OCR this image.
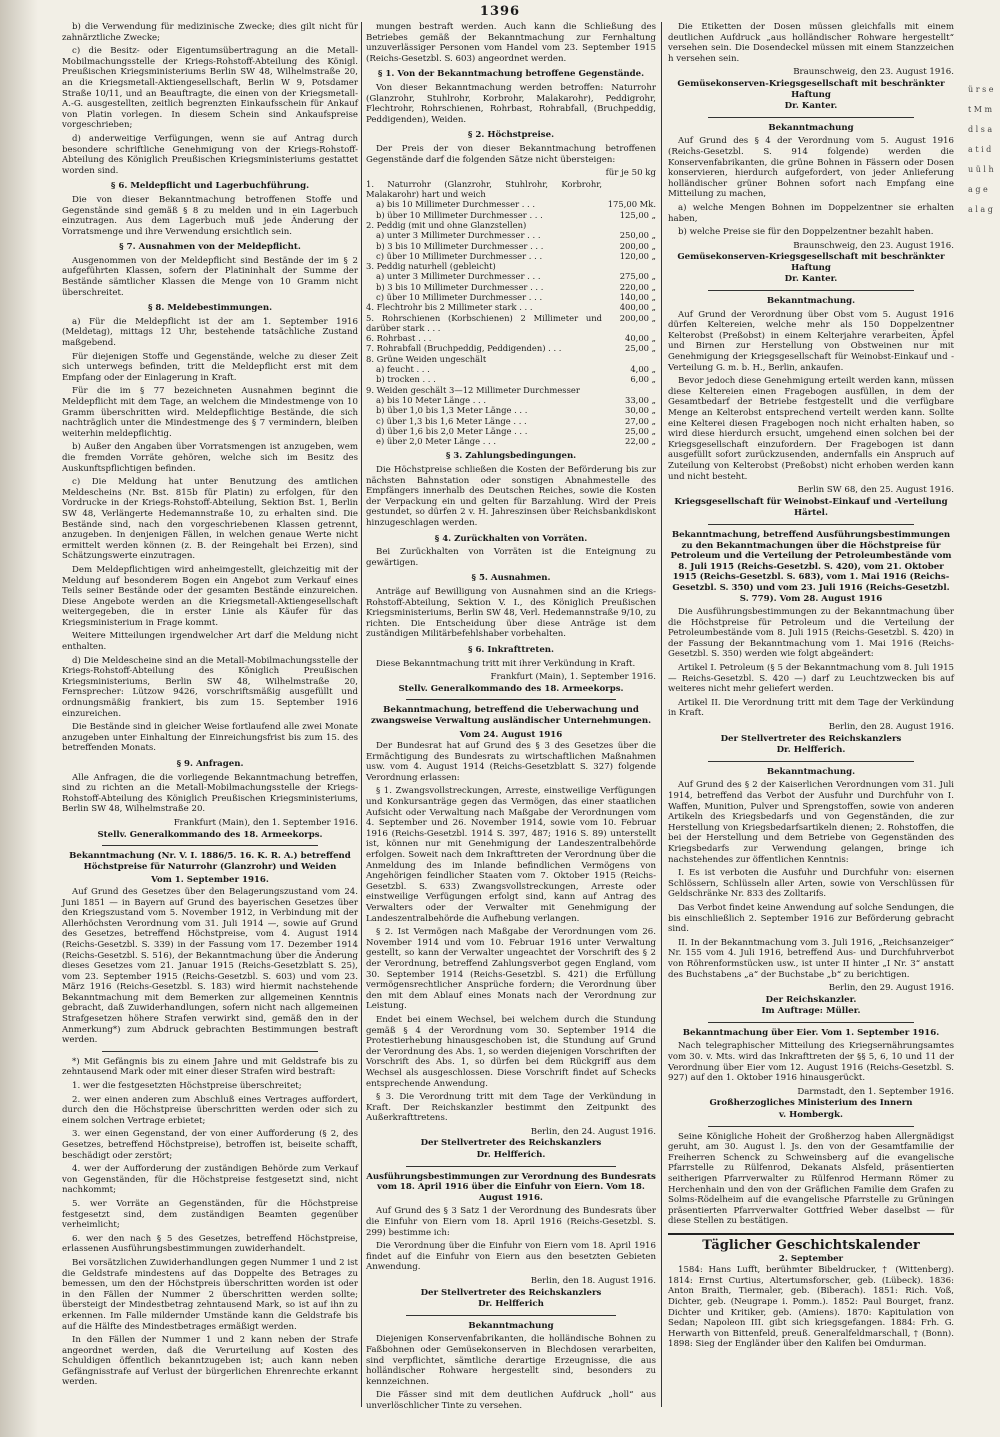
1396

b) die Verwendung für medizinische Zwecke; dies gilt nicht für zahnärztliche Zwecke;

c) die Besitz- oder Eigentumsübertragung an die Metall-Mobilmachungsstelle der Kriegs-Rohstoff-Abteilung des Königl. Preußischen Kriegsministeriums Berlin SW 48, Wilhelmstraße 20, an die Kriegsmetall-Aktiengesellschaft, Berlin W 9, Potsdamer Straße 10/11, und an Beauftragte, die einen von der Kriegsmetall-A.-G. ausgestellten, zeitlich begrenzten Einkaufsschein für Ankauf von Platin vorlegen. In diesem Schein sind Ankaufspreise vorgeschrieben;

d) anderweitige Verfügungen, wenn sie auf Antrag durch besondere schriftliche Genehmigung von der Kriegs-Rohstoff-Abteilung des Königlich Preußischen Kriegsministeriums gestattet worden sind.

§ 6. Meldepflicht und Lagerbuchführung.

Die von dieser Bekanntmachung betroffenen Stoffe und Gegenstände sind gemäß § 8 zu melden und in ein Lagerbuch einzutragen. Aus dem Lagerbuch muß jede Änderung der Vorratsmenge und ihre Verwendung ersichtlich sein.

§ 7. Ausnahmen von der Meldepflicht.

Ausgenommen von der Meldepflicht sind Bestände der im § 2 aufgeführten Klassen, sofern der Platininhalt der Summe der Bestände sämtlicher Klassen die Menge von 10 Gramm nicht überschreitet.

§ 8. Meldebestimmungen.

a) Für die Meldepflicht ist der am 1. September 1916 (Meldetag), mittags 12 Uhr, bestehende tatsächliche Zustand maßgebend.

Für diejenigen Stoffe und Gegenstände, welche zu dieser Zeit sich unterwegs befinden, tritt die Meldepflicht erst mit dem Empfang oder der Einlagerung in Kraft.

Für die im § 77 bezeichneten Ausnahmen beginnt die Meldepflicht mit dem Tage, an welchem die Mindestmenge von 10 Gramm überschritten wird. Meldepflichtige Bestände, die sich nachträglich unter die Mindestmenge des § 7 vermindern, bleiben weiterhin meldepflichtig.

b) Außer den Angaben über Vorratsmengen ist anzugeben, wem die fremden Vorräte gehören, welche sich im Besitz des Auskunftspflichtigen befinden.

c) Die Meldung hat unter Benutzung des amtlichen Meldescheins (Nr. Bst. 815b für Platin) zu erfolgen, für den Vordrucke in der Kriegs-Rohstoff-Abteilung, Sektion Bst. 1, Berlin SW 48, Verlängerte Hedemannstraße 10, zu erhalten sind. Die Bestände sind, nach den vorgeschriebenen Klassen getrennt, anzugeben. In denjenigen Fällen, in welchen genaue Werte nicht ermittelt werden können (z. B. der Reingehalt bei Erzen), sind Schätzungswerte einzutragen.

Dem Meldepflichtigen wird anheimgestellt, gleichzeitig mit der Meldung auf besonderem Bogen ein Angebot zum Verkauf eines Teils seiner Bestände oder der gesamten Bestände einzureichen. Diese Angebote werden an die Kriegsmetall-Aktiengesellschaft weitergegeben, die in erster Linie als Käufer für das Kriegsministerium in Frage kommt.

Weitere Mitteilungen irgendwelcher Art darf die Meldung nicht enthalten.

d) Die Meldescheine sind an die Metall-Mobilmachungsstelle der Kriegs-Rohstoff-Abteilung des Königlich Preußischen Kriegsministeriums, Berlin SW 48, Wilhelmstraße 20, Fernsprecher: Lützow 9426, vorschriftsmäßig ausgefüllt und ordnungsmäßig frankiert, bis zum 15. September 1916 einzureichen.

Die Bestände sind in gleicher Weise fortlaufend alle zwei Monate anzugeben unter Einhaltung der Einreichungsfrist bis zum 15. des betreffenden Monats.

§ 9. Anfragen.

Alle Anfragen, die die vorliegende Bekanntmachung betreffen, sind zu richten an die Metall-Mobilmachungsstelle der Kriegs-Rohstoff-Abteilung des Königlich Preußischen Kriegsministeriums, Berlin SW 48, Wilhelmstraße 20.

Frankfurt (Main), den 1. September 1916.
Stellv. Generalkommando des 18. Armeekorps.
Bekanntmachung (Nr. V. I. 1886/5. 16. K. R. A.) betreffend Höchstpreise für Naturrohr (Glanzrohr) und Weiden
Vom 1. September 1916.

Auf Grund des Gesetzes über den Belagerungszustand vom 24. Juni 1851 — in Bayern auf Grund des bayerischen Gesetzes über den Kriegszustand vom 5. November 1912, in Verbindung mit der Allerhöchsten Verordnung vom 31. Juli 1914 —, sowie auf Grund des Gesetzes, betreffend Höchstpreise, vom 4. August 1914 (Reichs-Gesetzbl. S. 339) in der Fassung vom 17. Dezember 1914 (Reichs-Gesetzbl. S. 516), der Bekanntmachung über die Änderung dieses Gesetzes vom 21. Januar 1915 (Reichs-Gesetzblatt S. 25), vom 23. September 1915 (Reichs-Gesetzbl. S. 603) und vom 23. März 1916 (Reichs-Gesetzbl. S. 183) wird hiermit nachstehende Bekanntmachung mit dem Bemerken zur allgemeinen Kenntnis gebracht, daß Zuwiderhandlungen, sofern nicht nach allgemeinen Strafgesetzen höhere Strafen verwirkt sind, gemäß den in der Anmerkung*) zum Abdruck gebrachten Bestimmungen bestraft werden.

*) Mit Gefängnis bis zu einem Jahre und mit Geldstrafe bis zu zehntausend Mark oder mit einer dieser Strafen wird bestraft:

1. wer die festgesetzten Höchstpreise überschreitet;

2. wer einen anderen zum Abschluß eines Vertrages auffordert, durch den die Höchstpreise überschritten werden oder sich zu einem solchen Vertrage erbietet;

3. wer einen Gegenstand, der von einer Aufforderung (§ 2, des Gesetzes, betreffend Höchstpreise), betroffen ist, beiseite schafft, beschädigt oder zerstört;

4. wer der Aufforderung der zuständigen Behörde zum Verkauf von Gegenständen, für die Höchstpreise festgesetzt sind, nicht nachkommt;

5. wer Vorräte an Gegenständen, für die Höchstpreise festgesetzt sind, dem zuständigen Beamten gegenüber verheimlicht;

6. wer den nach § 5 des Gesetzes, betreffend Höchstpreise, erlassenen Ausführungsbestimmungen zuwiderhandelt.

Bei vorsätzlichen Zuwiderhandlungen gegen Nummer 1 und 2 ist die Geldstrafe mindestens auf das Doppelte des Betrages zu bemessen, um den der Höchstpreis überschritten worden ist oder in den Fällen der Nummer 2 überschritten werden sollte; übersteigt der Mindestbetrag zehntausend Mark, so ist auf ihn zu erkennen. Im Falle mildernder Umstände kann die Geldstrafe bis auf die Hälfte des Mindestbetrages ermäßigt werden.

In den Fällen der Nummer 1 und 2 kann neben der Strafe angeordnet werden, daß die Verurteilung auf Kosten des Schuldigen öffentlich bekanntzugeben ist; auch kann neben Gefängnisstrafe auf Verlust der bürgerlichen Ehrenrechte erkannt werden.

mungen bestraft werden. Auch kann die Schließung des Betriebes gemäß der Bekanntmachung zur Fernhaltung unzuverlässiger Personen vom Handel vom 23. September 1915 (Reichs-Gesetzbl. S. 603) angeordnet werden.

§ 1. Von der Bekanntmachung betroffene Gegenstände.

Von dieser Bekanntmachung werden betroffen: Naturrohr (Glanzrohr, Stuhlrohr, Korbrohr, Malakarohr), Peddigrohr, Flechtrohr, Rohrschienen, Rohrbast, Rohrabfall, (Bruchpeddig, Peddigenden), Weiden.

§ 2. Höchstpreise.

Der Preis der von dieser Bekanntmachung betroffenen Gegenstände darf die folgenden Sätze nicht übersteigen:

für je 50 kg
1. Naturrohr (Glanzrohr, Stuhlrohr, Korbrohr, Malakarohr) hart und weich	
a) bis 10 Millimeter Durchmesser . . .	175,00 Mk.
b) über 10 Millimeter Durchmesser . . .	125,00 „
2. Peddig (mit und ohne Glanzstellen)	
a) unter 3 Millimeter Durchmesser . . .	250,00 „
b) 3 bis 10 Millimeter Durchmesser . . .	200,00 „
c) über 10 Millimeter Durchmesser . . .	120,00 „
3. Peddig naturhell (gebleicht)	
a) unter 3 Millimeter Durchmesser . . .	275,00 „
b) 3 bis 10 Millimeter Durchmesser . . .	220,00 „
c) über 10 Millimeter Durchmesser . . .	140,00 „
4. Flechtrohr bis 2 Millimeter stark . . .	400,00 „
5. Rohrschienen (Korbschienen) 2 Millimeter und darüber stark . . .	200,00 „
6. Rohrbast . . .	40,00 „
7. Rohrabfall (Bruchpeddig, Peddigenden) . . .	25,00 „
8. Grüne Weiden ungeschält	
a) feucht . . .	4,00 „
b) trocken . . .	6,00 „
9. Weiden geschält 3—12 Millimeter Durchmesser	
a) bis 10 Meter Länge . . .	33,00 „
b) über 1,0 bis 1,3 Meter Länge . . .	30,00 „
c) über 1,3 bis 1,6 Meter Länge . . .	27,00 „
d) über 1,6 bis 2,0 Meter Länge . . .	25,00 „
e) über 2,0 Meter Länge . . .	22,00 „
§ 3. Zahlungsbedingungen.

Die Höchstpreise schließen die Kosten der Beförderung bis zur nächsten Bahnstation oder sonstigen Abnahmestelle des Empfängers innerhalb des Deutschen Reiches, sowie die Kosten der Verpackung ein und gelten für Barzahlung. Wird der Preis gestundet, so dürfen 2 v. H. Jahreszinsen über Reichsbankdiskont hinzugeschlagen werden.

§ 4. Zurückhalten von Vorräten.

Bei Zurückhalten von Vorräten ist die Enteignung zu gewärtigen.

§ 5. Ausnahmen.

Anträge auf Bewilligung von Ausnahmen sind an die Kriegs-Rohstoff-Abteilung, Sektion V. I., des Königlich Preußischen Kriegsministeriums, Berlin SW 48, Verl. Hedemannstraße 9/10, zu richten. Die Entscheidung über diese Anträge ist dem zuständigen Militärbefehlshaber vorbehalten.

§ 6. Inkrafttreten.

Diese Bekanntmachung tritt mit ihrer Verkündung in Kraft.

Frankfurt (Main), 1. September 1916.
Stellv. Generalkommando des 18. Armeekorps.
Bekanntmachung, betreffend die Ueberwachung und zwangsweise Verwaltung ausländischer Unternehmungen.
Vom 24. August 1916

Der Bundesrat hat auf Grund des § 3 des Gesetzes über die Ermächtigung des Bundesrats zu wirtschaftlichen Maßnahmen usw. vom 4. August 1914 (Reichs-Gesetzblatt S. 327) folgende Verordnung erlassen:

§ 1. Zwangsvollstreckungen, Arreste, einstweilige Verfügungen und Konkursanträge gegen das Vermögen, das einer staatlichen Aufsicht oder Verwaltung nach Maßgabe der Verordnungen vom 4. September und 26. November 1914, sowie vom 10. Februar 1916 (Reichs-Gesetzbl. 1914 S. 397, 487; 1916 S. 89) unterstellt ist, können nur mit Genehmigung der Landeszentralbehörde erfolgen. Soweit nach dem Inkrafttreten der Verordnung über die Anmeldung des im Inlande befindlichen Vermögens von Angehörigen feindlicher Staaten vom 7. Oktober 1915 (Reichs-Gesetzbl. S. 633) Zwangsvollstreckungen, Arreste oder einstweilige Verfügungen erfolgt sind, kann auf Antrag des Verwalters oder der Verwalter mit Genehmigung der Landeszentralbehörde die Aufhebung verlangen.

§ 2. Ist Vermögen nach Maßgabe der Verordnungen vom 26. November 1914 und vom 10. Februar 1916 unter Verwaltung gestellt, so kann der Verwalter ungeachtet der Vorschrift des § 2 der Verordnung, betreffend Zahlungsverbot gegen England, vom 30. September 1914 (Reichs-Gesetzbl. S. 421) die Erfüllung vermögensrechtlicher Ansprüche fordern; die Verordnung über den mit dem Ablauf eines Monats nach der Verordnung zur Leistung.

Endet bei einem Wechsel, bei welchem durch die Stundung gemäß § 4 der Verordnung vom 30. September 1914 die Protestierhebung hinausgeschoben ist, die Stundung auf Grund der Verordnung des Abs. 1, so werden diejenigen Vorschriften der Vorschrift des Abs. 1, so dürfen bei dem Rückgriff aus dem Wechsel als ausgeschlossen. Diese Vorschrift findet auf Schecks entsprechende Anwendung.

§ 3. Die Verordnung tritt mit dem Tage der Verkündung in Kraft. Der Reichskanzler bestimmt den Zeitpunkt des Außerkrafttretens.

Berlin, den 24. August 1916.
Der Stellvertreter des Reichskanzlers
Dr. Helfferich.
Ausführungsbestimmungen zur Verordnung des Bundesrats vom 18. April 1916 über die Einfuhr von Eiern. Vom 18. August 1916.

Auf Grund des § 3 Satz 1 der Verordnung des Bundesrats über die Einfuhr von Eiern vom 18. April 1916 (Reichs-Gesetzbl. S. 299) bestimme ich:

Die Verordnung über die Einfuhr von Eiern vom 18. April 1916 findet auf die Einfuhr von Eiern aus den besetzten Gebieten Anwendung.

Berlin, den 18. August 1916.
Der Stellvertreter des Reichskanzlers
Dr. Helfferich
Bekanntmachung

Diejenigen Konservenfabrikanten, die holländische Bohnen zu Faßbohnen oder Gemüsekonserven in Blechdosen verarbeiten, sind verpflichtet, sämtliche derartige Erzeugnisse, die aus holländischer Rohware hergestellt sind, besonders zu kennzeichnen.

Die Fässer sind mit dem deutlichen Aufdruck „holl“ aus unverlöschlicher Tinte zu versehen.

Die Etiketten der Dosen müssen gleichfalls mit einem deutlichen Aufdruck „aus holländischer Rohware hergestellt“ versehen sein. Die Dosendeckel müssen mit einem Stanzzeichen h versehen sein.

Braunschweig, den 23. August 1916.
Gemüsekonserven-Kriegsgesellschaft mit beschränkter Haftung
Dr. Kanter.
Bekanntmachung

Auf Grund des § 4 der Verordnung vom 5. August 1916 (Reichs-Gesetzbl. S. 914 folgende) werden die Konservenfabrikanten, die grüne Bohnen in Fässern oder Dosen konservieren, hierdurch aufgefordert, von jeder Anlieferung holländischer grüner Bohnen sofort nach Empfang eine Mitteilung zu machen,

a) welche Mengen Bohnen im Doppelzentner sie erhalten haben,

b) welche Preise sie für den Doppelzentner bezahlt haben.

Braunschweig, den 23. August 1916.
Gemüsekonserven-Kriegsgesellschaft mit beschränkter Haftung
Dr. Kanter.
Bekanntmachung.

Auf Grund der Verordnung über Obst vom 5. August 1916 dürfen Keltereien, welche mehr als 150 Doppelzentner Kelterobst (Preßobst) in einem Kelterjahre verarbeiten, Äpfel und Birnen zur Herstellung von Obstweinen nur mit Genehmigung der Kriegsgesellschaft für Weinobst-Einkauf und -Verteilung G. m. b. H., Berlin, ankaufen.

Bevor jedoch diese Genehmigung erteilt werden kann, müssen diese Keltereien einen Fragebogen ausfüllen, in dem der Gesamtbedarf der Betriebe festgestellt und die verfügbare Menge an Kelterobst entsprechend verteilt werden kann. Sollte eine Kelterei diesen Fragebogen noch nicht erhalten haben, so wird diese hierdurch ersucht, umgehend einen solchen bei der Kriegsgesellschaft einzufordern. Der Fragebogen ist dann ausgefüllt sofort zurückzusenden, andernfalls ein Anspruch auf Zuteilung von Kelterobst (Preßobst) nicht erhoben werden kann und nicht besteht.

Berlin SW 68, den 25. August 1916.
Kriegsgesellschaft für Weinobst-Einkauf und -Verteilung
Härtel.
Bekanntmachung, betreffend Ausführungsbestimmungen zu den Bekanntmachungen über die Höchstpreise für Petroleum und die Verteilung der Petroleumbestände vom 8. Juli 1915 (Reichs-Gesetzbl. S. 420), vom 21. Oktober 1915 (Reichs-Gesetzbl. S. 683), vom 1. Mai 1916 (Reichs-Gesetzbl. S. 350) und vom 23. Juli 1916 (Reichs-Gesetzbl. S. 779). Vom 28. August 1916

Die Ausführungsbestimmungen zu der Bekanntmachung über die Höchstpreise für Petroleum und die Verteilung der Petroleumbestände vom 8. Juli 1915 (Reichs-Gesetzbl. S. 420) in der Fassung der Bekanntmachung vom 1. Mai 1916 (Reichs-Gesetzbl. S. 350) werden wie folgt abgeändert:

Artikel I. Petroleum (§ 5 der Bekanntmachung vom 8. Juli 1915 — Reichs-Gesetzbl. S. 420 —) darf zu Leuchtzwecken bis auf weiteres nicht mehr geliefert werden.

Artikel II. Die Verordnung tritt mit dem Tage der Verkündung in Kraft.

Berlin, den 28. August 1916.
Der Stellvertreter des Reichskanzlers
Dr. Helfferich.
Bekanntmachung.

Auf Grund des § 2 der Kaiserlichen Verordnungen vom 31. Juli 1914, betreffend das Verbot der Ausfuhr und Durchfuhr von I. Waffen, Munition, Pulver und Sprengstoffen, sowie von anderen Artikeln des Kriegsbedarfs und von Gegenständen, die zur Herstellung von Kriegsbedarfsartikeln dienen; 2. Rohstoffen, die bei der Herstellung und dem Betriebe von Gegenständen des Kriegsbedarfs zur Verwendung gelangen, bringe ich nachstehendes zur öffentlichen Kenntnis:

I. Es ist verboten die Ausfuhr und Durchfuhr von: eisernen Schlössern, Schlüsseln aller Arten, sowie von Verschlüssen für Geldschränke Nr. 833 des Zolltarifs.

Das Verbot findet keine Anwendung auf solche Sendungen, die bis einschließlich 2. September 1916 zur Beförderung gebracht sind.

II. In der Bekanntmachung vom 3. Juli 1916, „Reichsanzeiger“ Nr. 155 vom 4. Juli 1916, betreffend Aus- und Durchfuhrverbot von Röhrenformstücken usw., ist unter II hinter „I Nr. 3“ anstatt des Buchstabens „a“ der Buchstabe „b“ zu berichtigen.

Berlin, den 29. August 1916.
Der Reichskanzler.
Im Auftrage: Müller.
Bekanntmachung über Eier. Vom 1. September 1916.

Nach telegraphischer Mitteilung des Kriegsernährungsamtes vom 30. v. Mts. wird das Inkrafttreten der §§ 5, 6, 10 und 11 der Verordnung über Eier vom 12. August 1916 (Reichs-Gesetzbl. S. 927) auf den 1. Oktober 1916 hinausgerückt.

Darmstadt, den 1. September 1916.
Großherzogliches Ministerium des Innern
v. Hombergk.

Seine Königliche Hoheit der Großherzog haben Allergnädigst geruht, am 30. August l. Js. den von der Gesamtfamilie der Freiherren Schenck zu Schweinsberg auf die evangelische Pfarrstelle zu Rülfenrod, Dekanats Alsfeld, präsentierten seitherigen Pfarrverwalter zu Rülfenrod Hermann Römer zu Herchenhain und den von der Gräflichen Familie dem Grafen zu Solms-Rödelheim auf die evangelische Pfarrstelle zu Grüningen präsentierten Pfarrverwalter Gottfried Weber daselbst — für diese Stellen zu bestätigen.

Täglicher Geschichtskalender
2. September

1584: Hans Lufft, berühmter Bibeldrucker, † (Wittenberg). 1814: Ernst Curtius, Altertumsforscher, geb. (Lübeck). 1836: Anton Braith, Tiermaler, geb. (Biberach). 1851: Rich. Voß, Dichter, geb. (Neugrape i. Pomm.). 1852: Paul Bourget, franz. Dichter und Kritiker, geb. (Amiens). 1870: Kapitulation von Sedan; Napoleon III. gibt sich kriegsgefangen. 1884: Frh. G. Herwarth von Bittenfeld, preuß. Generalfeldmarschall, † (Bonn). 1898: Sieg der Engländer über den Kalifen bei Omdurman.

ü r s e t M m d l s a a t i d u ü l h a g e a l a g
